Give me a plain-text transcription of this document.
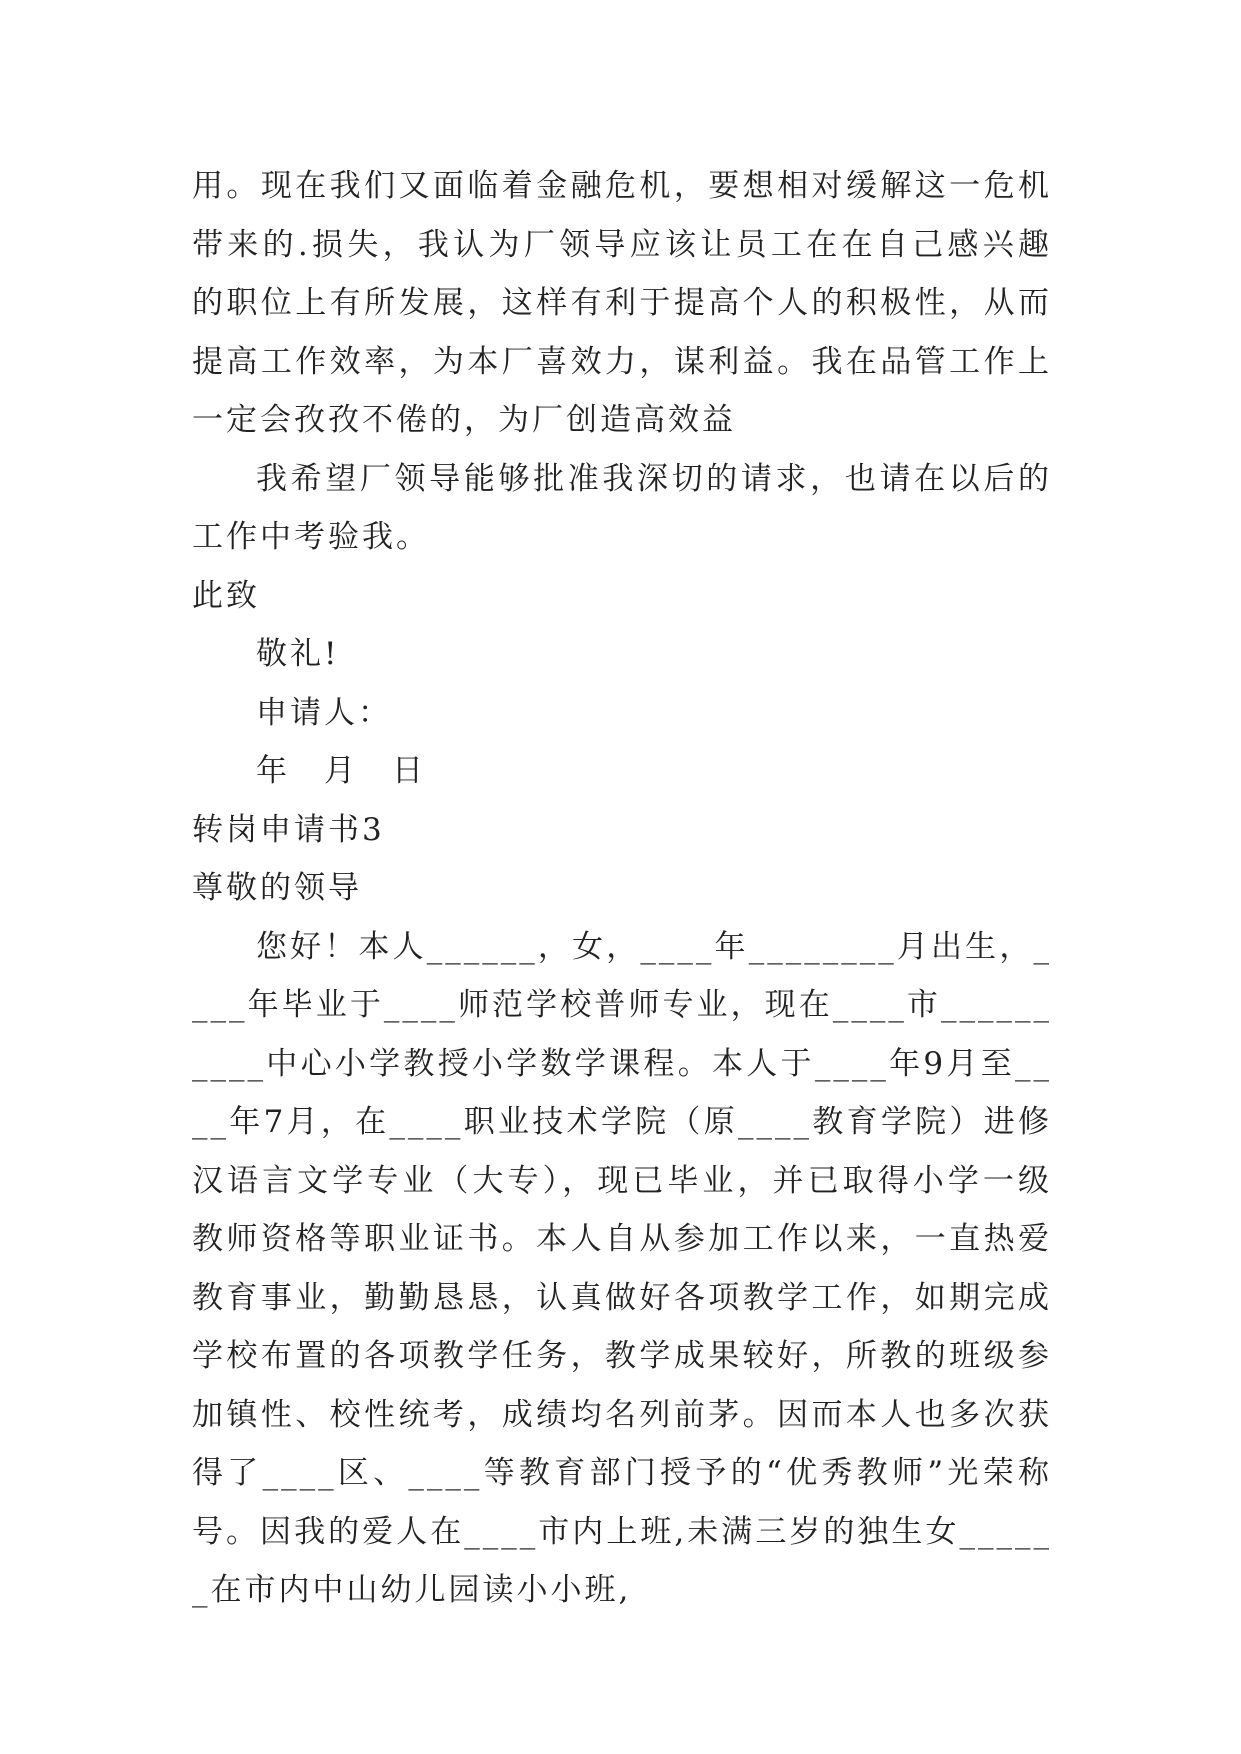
用。现在我们又面临着金融危机，要想相对缓解这一危机带来的.损失，我认为厂领导应该让员工在在自己感兴趣的职位上有所发展，这样有利于提高个人的积极性，从而提高工作效率，为本厂喜效力，谋利益。我在品管工作上一定会孜孜不倦的，为厂创造高效益

我希望厂领导能够批准我深切的请求，也请在以后的工作中考验我。

此致

敬礼!

申请人：

年　月　日

转岗申请书3

尊敬的领导

您好！本人______，女，____年________月出生，____年毕业于____师范学校普师专业，现在____市__________中心小学教授小学数学课程。本人于____年9月至____年7月，在____职业技术学院（原____教育学院）进修汉语言文学专业（大专），现已毕业，并已取得小学一级教师资格等职业证书。本人自从参加工作以来，一直热爱教育事业，勤勤恳恳，认真做好各项教学工作，如期完成学校布置的各项教学任务，教学成果较好，所教的班级参加镇性、校性统考，成绩均名列前茅。因而本人也多次获得了____区、____等教育部门授予的“优秀教师”光荣称号。因我的爱人在____市内上班,未满三岁的独生女______在市内中山幼儿园读小小班,
